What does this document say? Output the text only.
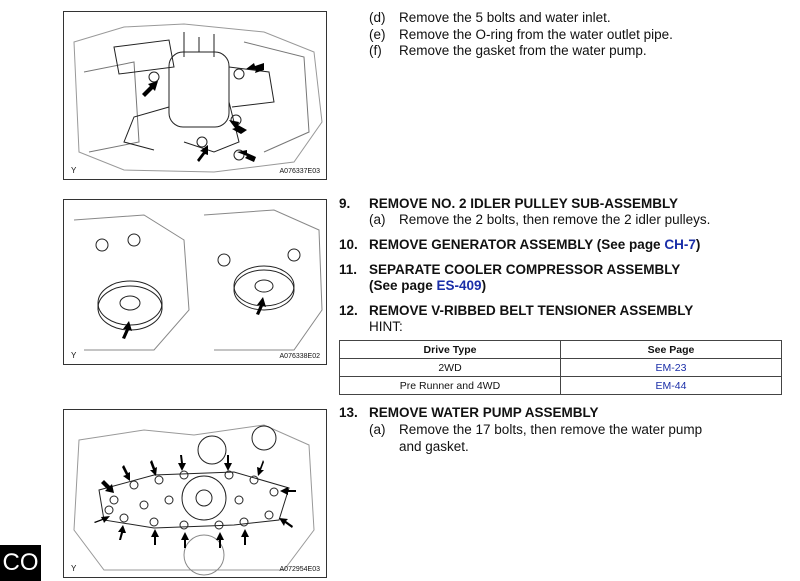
Y	A076337E03
Y	A076338E02
Y	A072954E03
(d) Remove the 5 bolts and water inlet.
(e) Remove the O-ring from the water outlet pipe.
(f) Remove the gasket from the water pump.
9. REMOVE NO. 2 IDLER PULLEY SUB-ASSEMBLY
(a) Remove the 2 bolts, then remove the 2 idler pulleys.
10. REMOVE GENERATOR ASSEMBLY (See page CH-7)
11. SEPARATE COOLER COMPRESSOR ASSEMBLY
(See page ES-409)
12. REMOVE V-RIBBED BELT TENSIONER ASSEMBLY
HINT:
Drive Type	See Page
2WD	EM-23
Pre Runner and 4WD	EM-44
13. REMOVE WATER PUMP ASSEMBLY
(a) Remove the 17 bolts, then remove the water pump
and gasket.
CO
